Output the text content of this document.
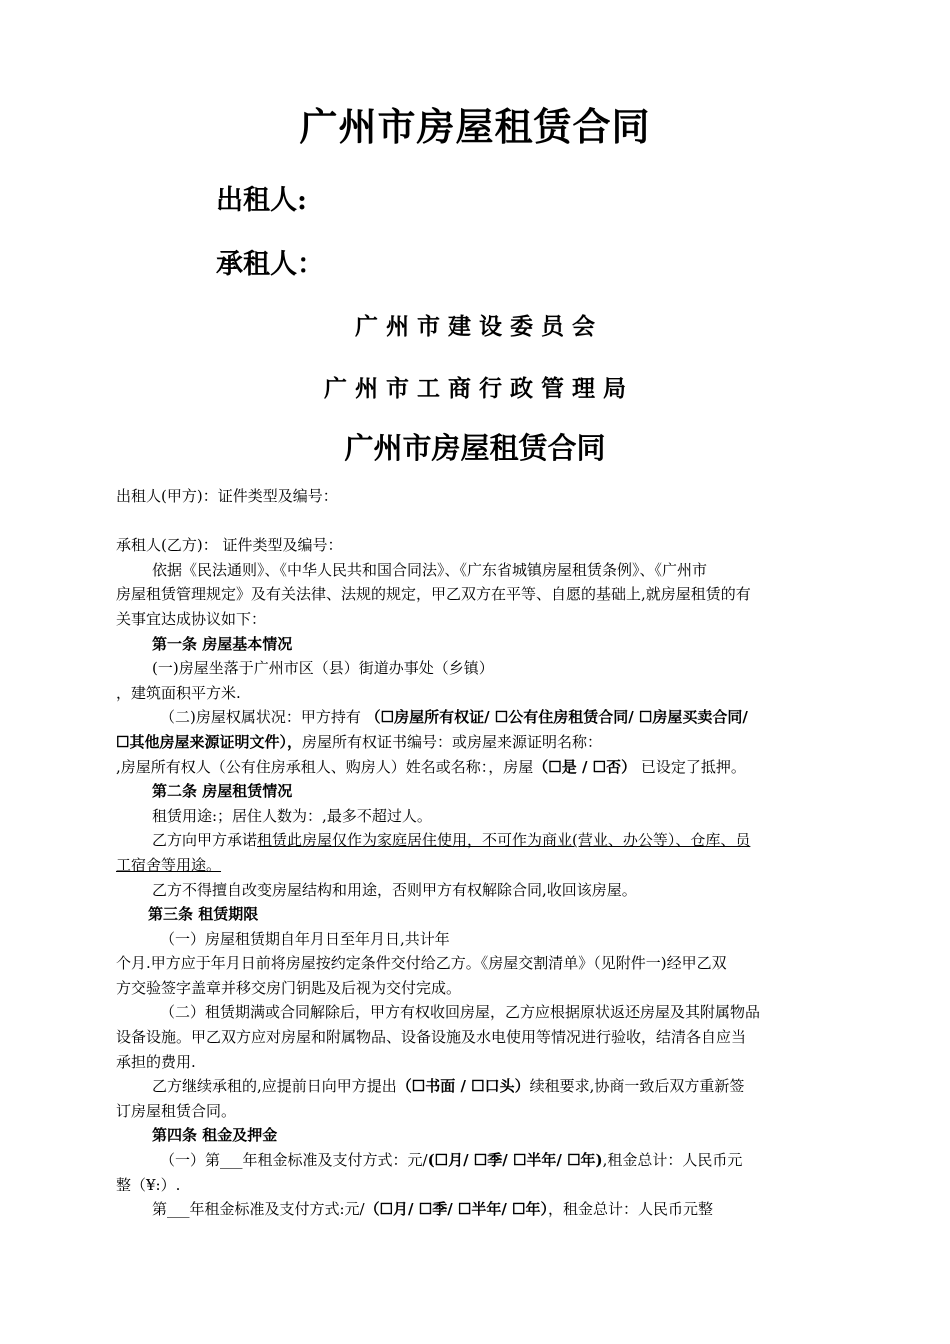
广州市房屋租赁合同
出租人:
承租人：
广 州 市 建 设 委 员 会
广 州 市 工 商 行 政 管 理 局
广州市房屋租赁合同
出租人(甲方)：证件类型及编号：
承租人(乙方)： 证件类型及编号：
依据《民法通则》、《中华人民共和国合同法》、《广东省城镇房屋租赁条例》、《广州市
房屋租赁管理规定》及有关法律、法规的规定，甲乙双方在平等、自愿的基础上,就房屋租赁的有
关事宜达成协议如下：
第一条 房屋基本情况
(一)房屋坐落于广州市区（县）街道办事处（乡镇）
，建筑面积平方米.
（二)房屋权属状况：甲方持有 （☐房屋所有权证/ ☐公有住房租赁合同/ ☐房屋买卖合同/
☐其他房屋来源证明文件），房屋所有权证书编号：或房屋来源证明名称：
,房屋所有权人（公有住房承租人、购房人）姓名或名称：，房屋（☐是 / ☐否） 已设定了抵押。
第二条 房屋租赁情况
租赁用途:；居住人数为：,最多不超过人。
乙方向甲方承诺租赁此房屋仅作为家庭居住使用，不可作为商业(营业、办公等）、仓库、员
工宿舍等用途。
乙方不得擅自改变房屋结构和用途，否则甲方有权解除合同,收回该房屋。
第三条 租赁期限
（一）房屋租赁期自年月日至年月日,共计年
个月.甲方应于年月日前将房屋按约定条件交付给乙方。《房屋交割清单》（见附件一)经甲乙双
方交验签字盖章并移交房门钥匙及后视为交付完成。
（二）租赁期满或合同解除后，甲方有权收回房屋，乙方应根据原状返还房屋及其附属物品
设备设施。甲乙双方应对房屋和附属物品、设备设施及水电使用等情况进行验收，结清各自应当
承担的费用.
乙方继续承租的,应提前日向甲方提出（☐书面 / ☐口头）续租要求,协商一致后双方重新签
订房屋租赁合同。
第四条 租金及押金
（一）第___年租金标准及支付方式：元/(☐月/ ☐季/ ☐半年/ ☐年),租金总计：人民币元
整（¥:）.
第___年租金标准及支付方式:元/（☐月/ ☐季/ ☐半年/ ☐年），租金总计：人民币元整
